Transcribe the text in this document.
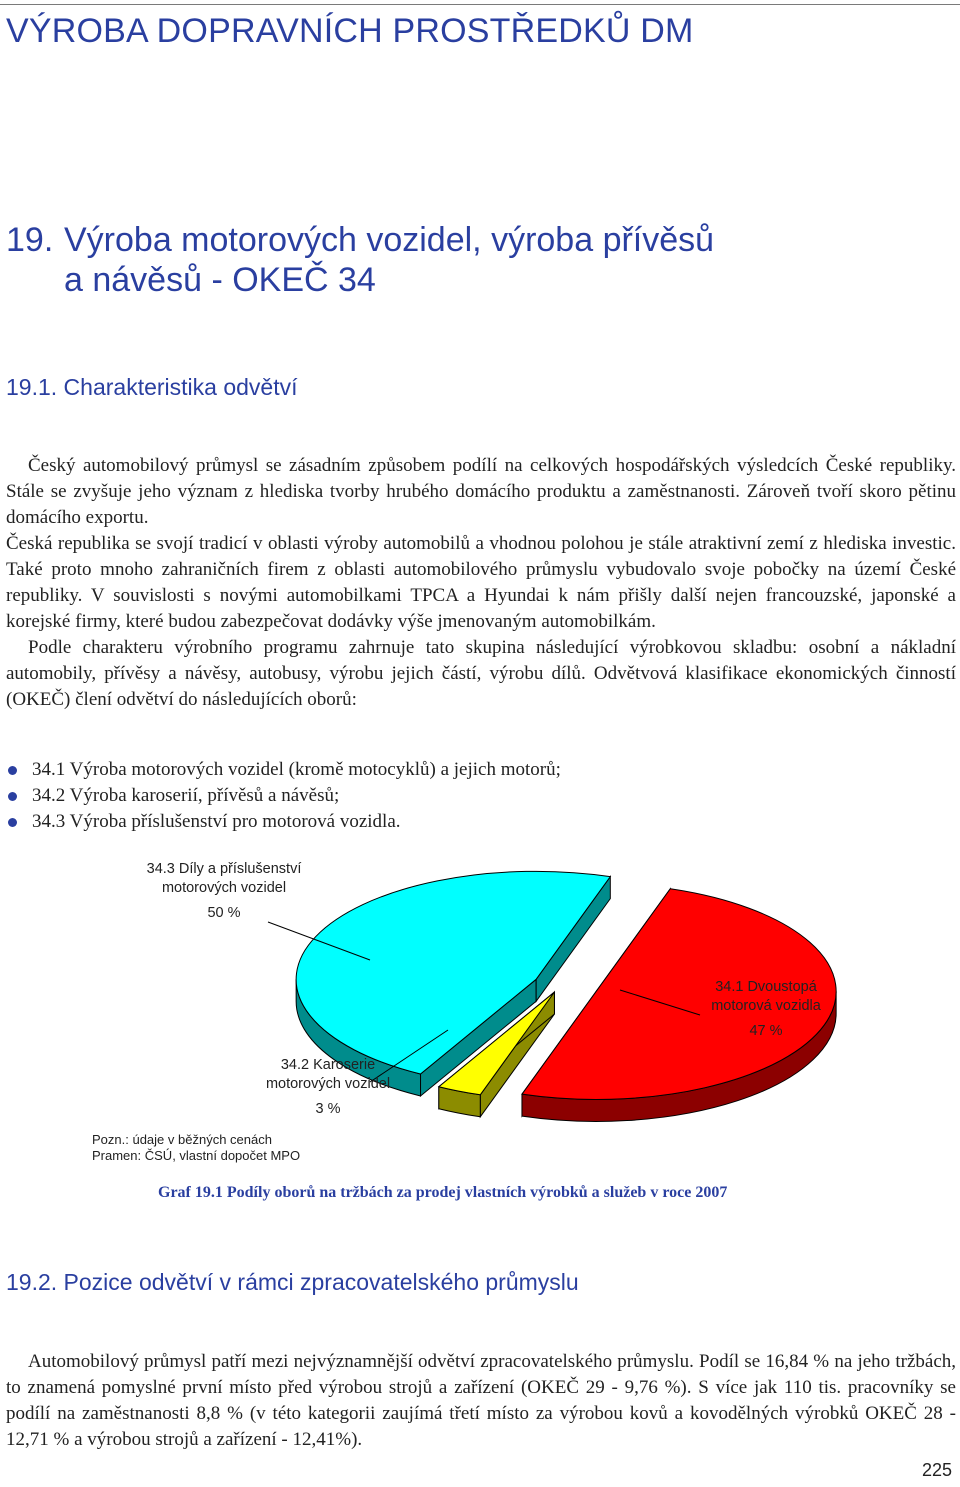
VÝROBA DOPRAVNÍCH PROSTŘEDKŮ DM
19. Výroba motorových vozidel, výroba přívěsů
a návěsů - OKEČ 34
19.1. Charakteristika odvětví

Český automobilový průmysl se zásadním způsobem podílí na celkových hospodářských výsledcích České republiky. Stále se zvyšuje jeho význam z hlediska tvorby hrubého domácího produktu a zaměstnanosti. Zároveň tvoří skoro pětinu domácího exportu.

Česká republika se svojí tradicí v oblasti výroby automobilů a vhodnou polohou je stále atraktivní zemí z hlediska investic. Také proto mnoho zahraničních firem z oblasti automobilového průmyslu vybudovalo svoje pobočky na území České republiky. V souvislosti s novými automobilkami TPCA a Hyundai k nám přišly další nejen francouzské, japonské a korejské firmy, které budou zabezpečovat dodávky výše jmenovaným automobilkám.

Podle charakteru výrobního programu zahrnuje tato skupina následující výrobkovou skladbu: osobní a nákladní automobily, přívěsy a návěsy, autobusy, výrobu jejich částí, výrobu dílů. Odvětvová klasifikace ekonomických činností (OKEČ) člení odvětví do následujících oborů:

34.1 Výroba motorových vozidel (kromě motocyklů) a jejich motorů;
34.2 Výroba karoserií, přívěsů a návěsů;
34.3 Výroba příslušenství pro motorová vozidla.
34.3 Díly a příslušenství
motorových vozidel
50 %
34.1 Dvoustopá
motorová vozidla
47 %
34.2 Karoserie
motorových vozidel
3 %
Pozn.: údaje v běžných cenách
Pramen: ČSÚ, vlastní dopočet MPO
Graf 19.1 Podíly oborů na tržbách za prodej vlastních výrobků a služeb v roce 2007
19.2. Pozice odvětví v rámci zpracovatelského průmyslu

Automobilový průmysl patří mezi nejvýznamnější odvětví zpracovatelského průmyslu. Podíl se 16,84 % na jeho tržbách, to znamená pomyslné první místo před výrobou strojů a zařízení (OKEČ 29 - 9,76 %). S více jak 110 tis. pracovníky se podílí na zaměstnanosti 8,8 % (v této kategorii zaujímá třetí místo za výrobou kovů a kovodělných výrobků OKEČ 28 - 12,71 % a výrobou strojů a zařízení - 12,41%).

225
